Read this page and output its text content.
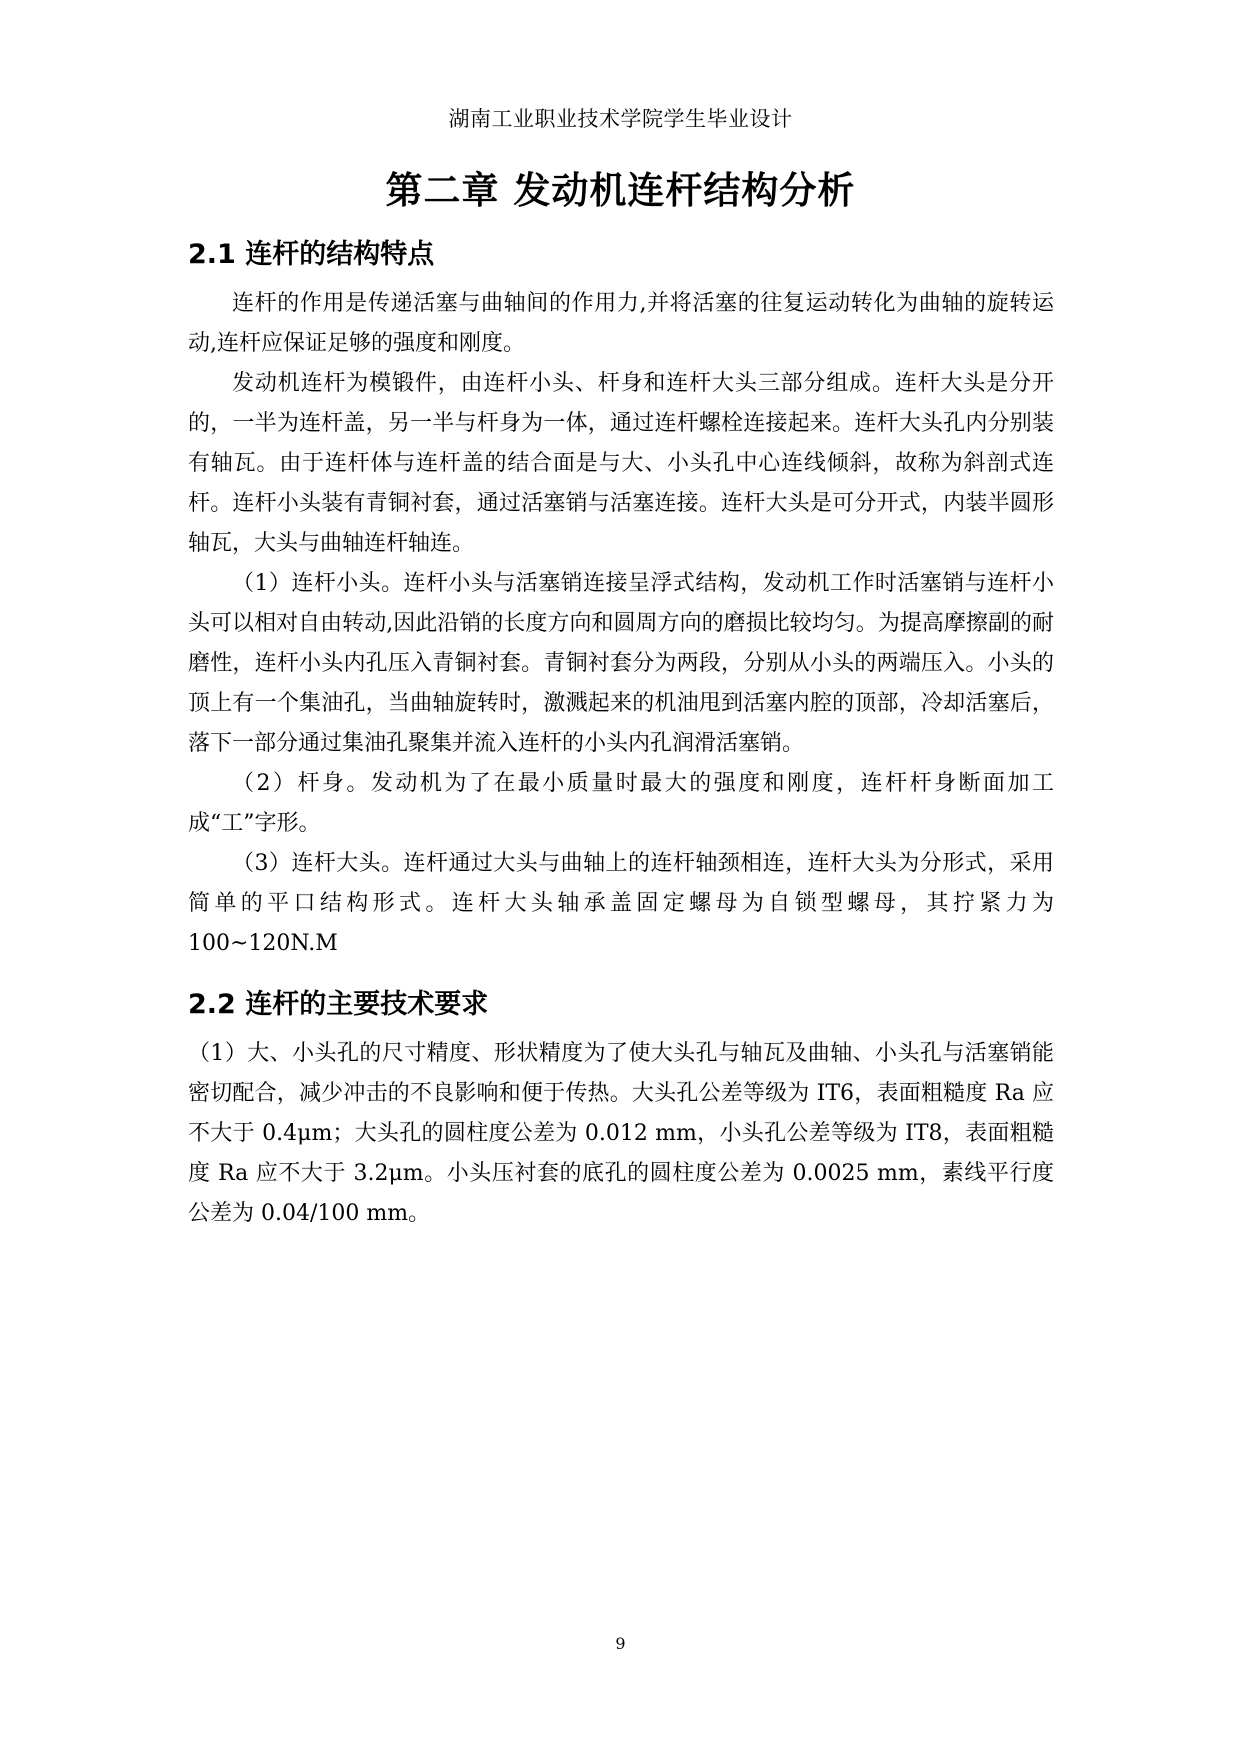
湖南工业职业技术学院学生毕业设计
第二章 发动机连杆结构分析
2.1 连杆的结构特点

连杆的作用是传递活塞与曲轴间的作用力,并将活塞的往复运动转化为曲轴的旋转运动,连杆应保证足够的强度和刚度。

发动机连杆为模锻件，由连杆小头、杆身和连杆大头三部分组成。连杆大头是分开的，一半为连杆盖，另一半与杆身为一体，通过连杆螺栓连接起来。连杆大头孔内分别装有轴瓦。由于连杆体与连杆盖的结合面是与大、小头孔中心连线倾斜，故称为斜剖式连杆。连杆小头装有青铜衬套，通过活塞销与活塞连接。连杆大头是可分开式，内装半圆形轴瓦，大头与曲轴连杆轴连。

（1）连杆小头。连杆小头与活塞销连接呈浮式结构，发动机工作时活塞销与连杆小头可以相对自由转动,因此沿销的长度方向和圆周方向的磨损比较均匀。为提高摩擦副的耐磨性，连杆小头内孔压入青铜衬套。青铜衬套分为两段，分别从小头的两端压入。小头的顶上有一个集油孔，当曲轴旋转时，激溅起来的机油甩到活塞内腔的顶部，冷却活塞后，落下一部分通过集油孔聚集并流入连杆的小头内孔润滑活塞销。

（2）杆身。发动机为了在最小质量时最大的强度和刚度，连杆杆身断面加工成“工”字形。

（3）连杆大头。连杆通过大头与曲轴上的连杆轴颈相连，连杆大头为分形式，采用简单的平口结构形式。连杆大头轴承盖固定螺母为自锁型螺母，其拧紧力为 100~120N.M

2.2 连杆的主要技术要求

（1）大、小头孔的尺寸精度、形状精度为了使大头孔与轴瓦及曲轴、小头孔与活塞销能密切配合，减少冲击的不良影响和便于传热。大头孔公差等级为 IT6，表面粗糙度 Ra 应不大于 0.4μm；大头孔的圆柱度公差为 0.012 mm，小头孔公差等级为 IT8，表面粗糙度 Ra 应不大于 3.2μm。小头压衬套的底孔的圆柱度公差为 0.0025 mm，素线平行度公差为 0.04/100 mm。

9
